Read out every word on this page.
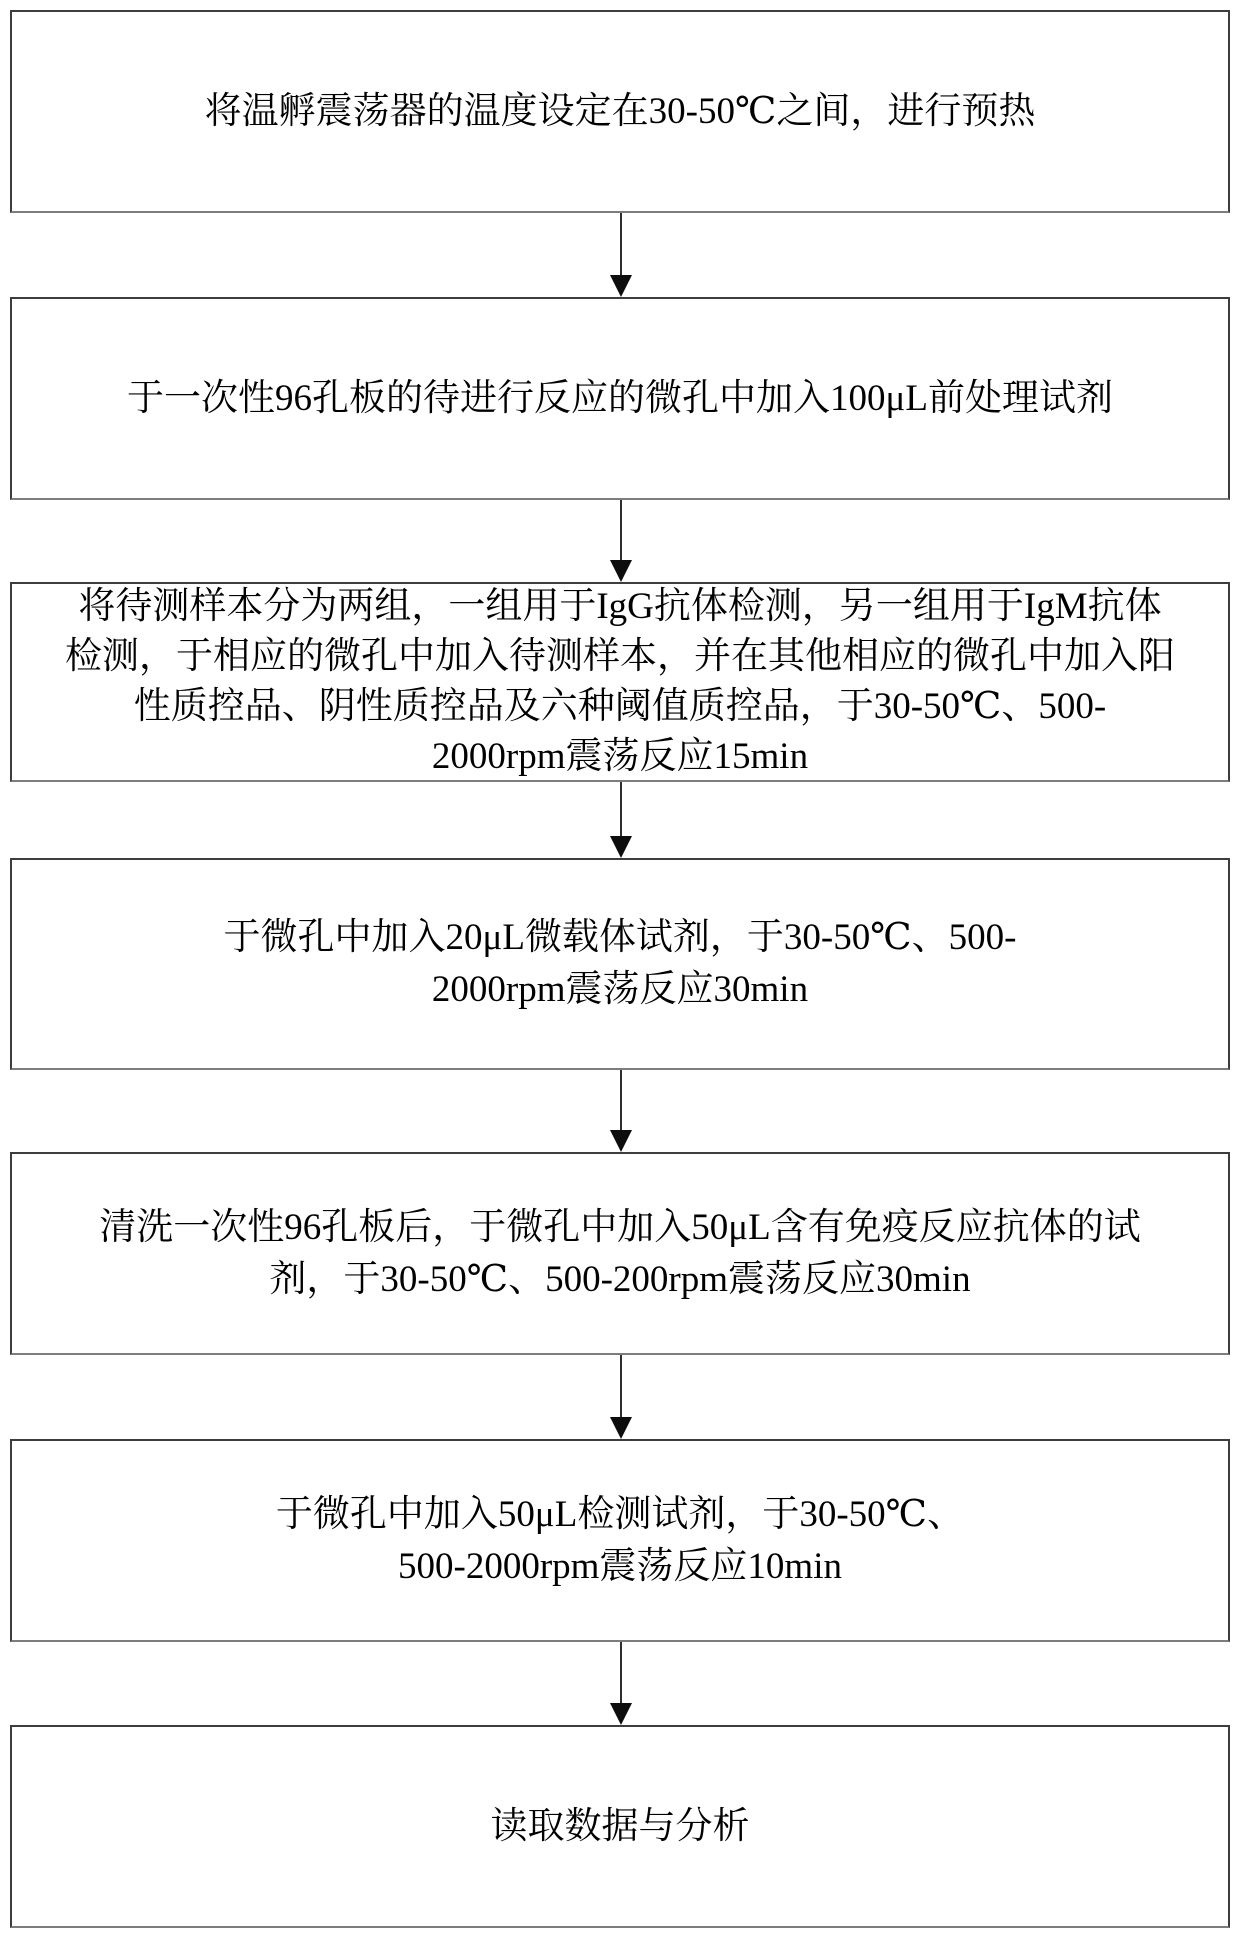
将温孵震荡器的温度设定在30-50℃之间，进行预热
于一次性96孔板的待进行反应的微孔中加入100μL前处理试剂
将待测样本分为两组，一组用于IgG抗体检测，另一组用于IgM抗体
检测，于相应的微孔中加入待测样本，并在其他相应的微孔中加入阳
性质控品、阴性质控品及六种阈值质控品，于30-50℃、500-
2000rpm震荡反应15min
于微孔中加入20μL微载体试剂，于30-50℃、500-
2000rpm震荡反应30min
清洗一次性96孔板后，于微孔中加入50μL含有免疫反应抗体的试
剂，于30-50℃、500-200rpm震荡反应30min
于微孔中加入50μL检测试剂，于30-50℃、
500-2000rpm震荡反应10min
读取数据与分析
